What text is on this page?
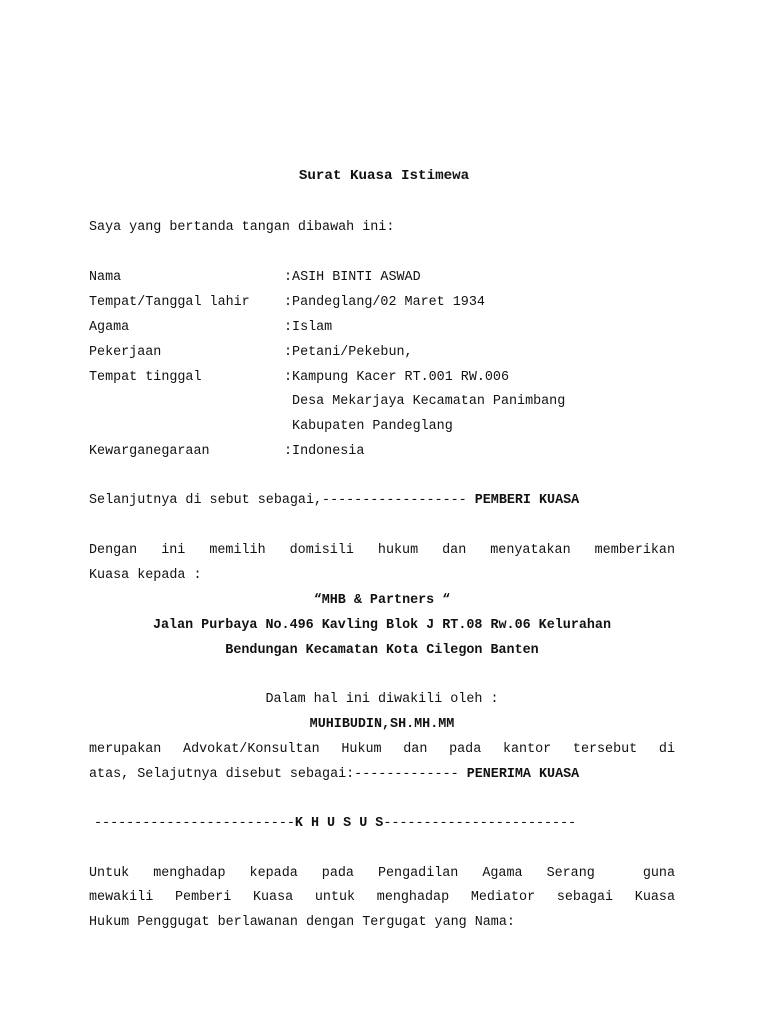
Surat Kuasa Istimewa
Saya yang bertanda tangan dibawah ini:
Nama	:ASIH BINTI ASWAD
Tempat/Tanggal lahir	:Pandeglang/02 Maret 1934
Agama	:Islam
Pekerjaan	:Petani/Pekebun,
Tempat tinggal	:Kampung Kacer RT.001 RW.006
Desa Mekarjaya Kecamatan Panimbang
Kabupaten Pandeglang
Kewarganegaraan	:Indonesia
Selanjutnya di sebut sebagai,------------------ PEMBERI KUASA
Dengan ini memilih domisili hukum dan menyatakan memberikan
Kuasa kepada :
“MHB & Partners “
Jalan Purbaya No.496 Kavling Blok J RT.08 Rw.06 Kelurahan
Bendungan Kecamatan Kota Cilegon Banten
Dalam hal ini diwakili oleh :
MUHIBUDIN,SH.MH.MM
merupakan Advokat/Konsultan Hukum dan pada kantor tersebut di
atas, Selajutnya disebut sebagai:------------- PENERIMA KUASA
-------------------------K H U S U S------------------------
Untuk menghadap kepada pada Pengadilan Agama Serang  guna
mewakili Pemberi Kuasa untuk menghadap Mediator sebagai Kuasa
Hukum Penggugat berlawanan dengan Tergugat yang Nama:
